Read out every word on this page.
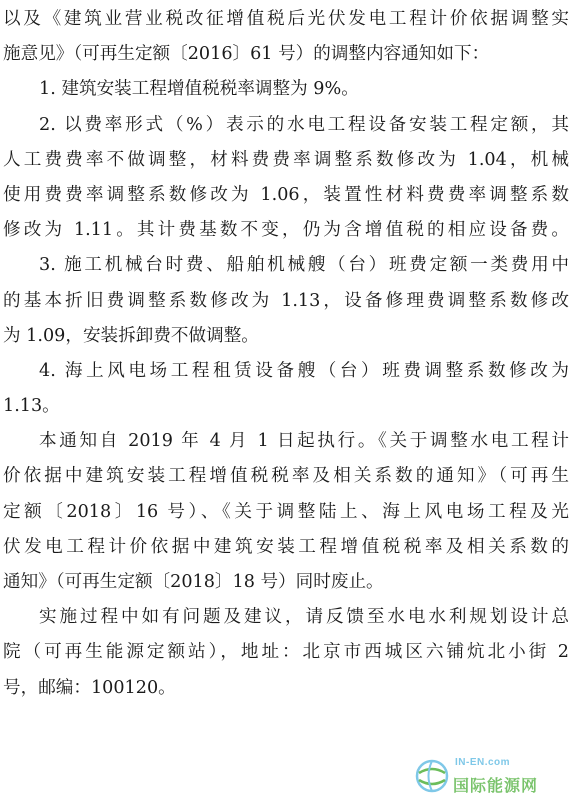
以及《建筑业营业税改征增值税后光伏发电工程计价依据调整实
施意见》（可再生定额〔2016〕61 号）的调整内容通知如下：
1. 建筑安装工程增值税税率调整为 9%。
2. 以费率形式（%）表示的水电工程设备安装工程定额，其
人工费费率不做调整，材料费费率调整系数修改为 1.04，机械
使用费费率调整系数修改为 1.06，装置性材料费费率调整系数
修改为 1.11。其计费基数不变，仍为含增值税的相应设备费。
3. 施工机械台时费、船舶机械艘（台）班费定额一类费用中
的基本折旧费调整系数修改为 1.13，设备修理费调整系数修改
为 1.09，安装拆卸费不做调整。
4. 海上风电场工程租赁设备艘（台）班费调整系数修改为
1.13。
本通知自 2019 年 4 月 1 日起执行。《关于调整水电工程计
价依据中建筑安装工程增值税税率及相关系数的通知》（可再生
定额〔2018〕16 号）、《关于调整陆上、海上风电场工程及光
伏发电工程计价依据中建筑安装工程增值税税率及相关系数的
通知》（可再生定额〔2018〕18 号）同时废止。
实施过程中如有问题及建议，请反馈至水电水利规划设计总
院（可再生能源定额站），地址：北京市西城区六铺炕北小街 2
号，邮编：100120。
IN-EN.com
国际能源网
